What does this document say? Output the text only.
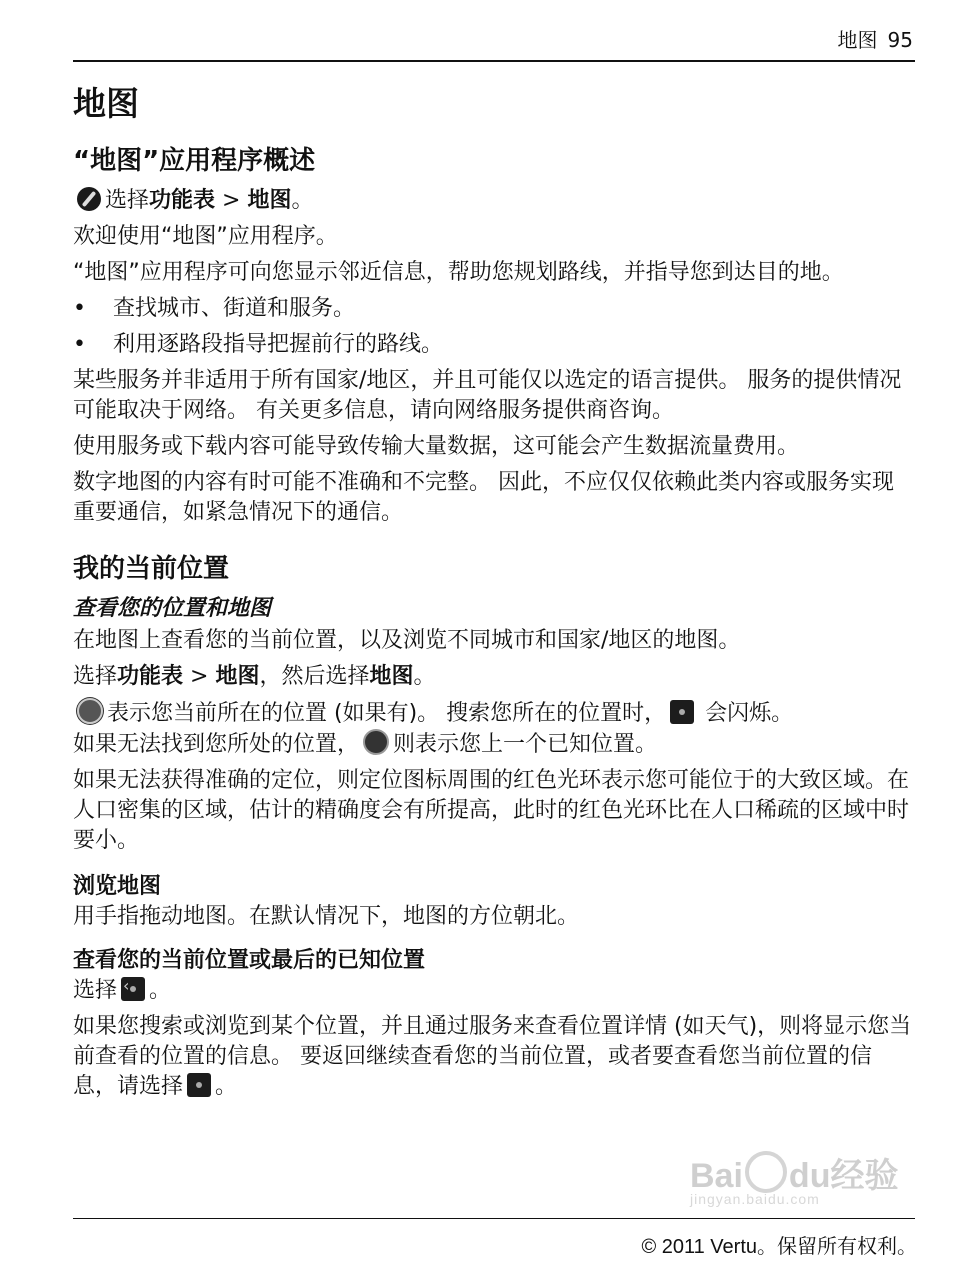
地图 95
地图
“地图”应用程序概述

选择功能表 > 地图。

欢迎使用“地图”应用程序。

“地图”应用程序可向您显示邻近信息，帮助您规划路线，并指导您到达目的地。

• 查找城市、街道和服务。
• 利用逐路段指导把握前行的路线。

某些服务并非适用于所有国家/地区，并且可能仅以选定的语言提供。 服务的提供情况可能取决于网络。 有关更多信息，请向网络服务提供商咨询。

使用服务或下载内容可能导致传输大量数据，这可能会产生数据流量费用。

数字地图的内容有时可能不准确和不完整。 因此，不应仅仅依赖此类内容或服务实现重要通信，如紧急情况下的通信。

我的当前位置
查看您的位置和地图

在地图上查看您的当前位置，以及浏览不同城市和国家/地区的地图。

选择功能表 > 地图，然后选择地图。

表示您当前所在的位置 (如果有)。 搜索您所在的位置时， 会闪烁。
如果无法找到您所处的位置， 则表示您上一个已知位置。

如果无法获得准确的定位，则定位图标周围的红色光环表示您可能位于的大致区域。在人口密集的区域，估计的精确度会有所提高，此时的红色光环比在人口稀疏的区域中时要小。

浏览地图

用手指拖动地图。在默认情况下，地图的方位朝北。

查看您的当前位置或最后的已知位置

选择‹ 。

如果您搜索或浏览到某个位置，并且通过服务来查看位置详情 (如天气)，则将显示您当前查看的位置的信息。 要返回继续查看您的当前位置，或者要查看您当前位置的信息，请选择 。

Bai du经验
jingyan.baidu.com
© 2011 Vertu。保留所有权利。
